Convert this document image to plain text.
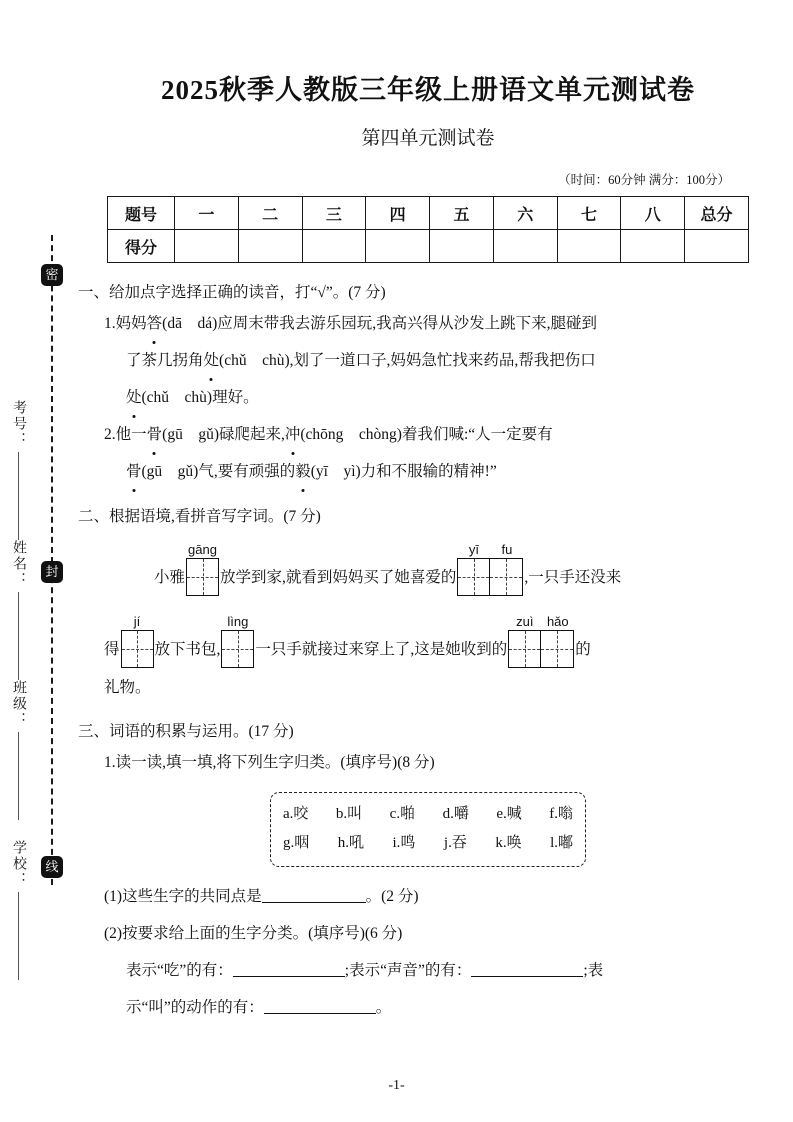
密
封
线
考号：
姓名：
班级：
学校：
2025秋季人教版三年级上册语文单元测试卷
第四单元测试卷
（时间：60分钟 满分：100分）
题号	一	二	三	四	五	六	七	八	总分
得分									
一、给加点字选择正确的读音，打“√”。(7 分)
1.妈妈答(dā　dá)应周末带我去游乐园玩,我高兴得从沙发上跳下来,腿碰到
了茶几拐角处(chǔ　chù),划了一道口子,妈妈急忙找来药品,帮我把伤口
处(chǔ　chù)理好。
2.他一骨(gū　gǔ)碌爬起来,冲(chōng　chòng)着我们喊:“人一定要有
骨(gū　gǔ)气,要有顽强的毅(yī　yì)力和不服输的精神!”
二、根据语境,看拼音写字词。(7 分)
小雅
gāng
放学到家,就看到妈妈买了她喜爱的
yī	fu
,一只手还没来
得
jí
放下书包,
lìng
一只手就接过来穿上了,这是她收到的
zuì	hǎo
的
礼物。
三、词语的积累与运用。(17 分)
1.读一读,填一填,将下列生字归类。(填序号)(8 分)
a.咬 b.叫 c.啪 d.嚼 e.喊 f.嗡
g.咽 h.吼 i.鸣 j.吞 k.唤 l.嘟
(1)这些生字的共同点是	。(2 分)
(2)按要求给上面的生字分类。(填序号)(6 分)
表示“吃”的有：	;表示“声音”的有：	;表
示“叫”的动作的有：	。
-1-
